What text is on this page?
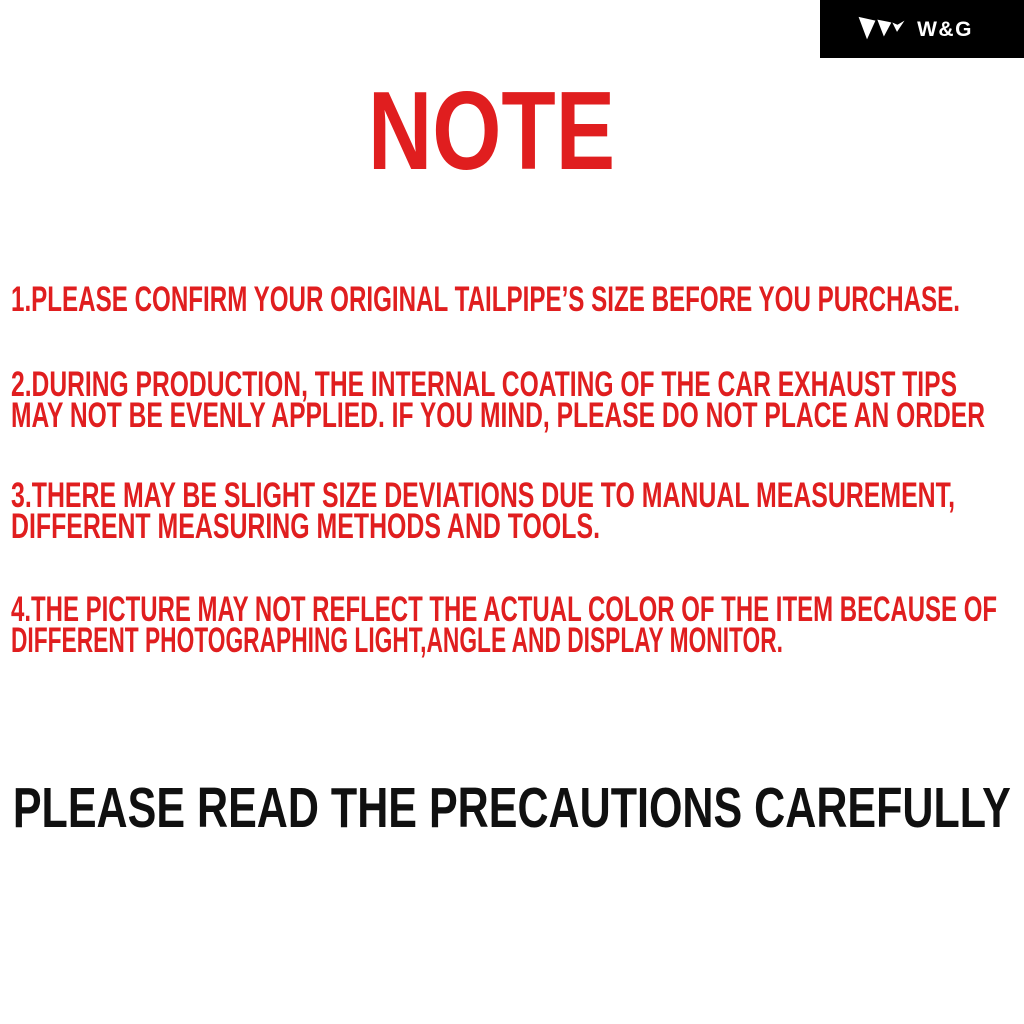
W&G
NOTE
1.PLEASE CONFIRM YOUR ORIGINAL TAILPIPE’S SIZE BEFORE YOU PURCHASE.
2.DURING PRODUCTION, THE INTERNAL COATING OF THE CAR EXHAUST TIPS
MAY NOT BE EVENLY APPLIED. IF YOU MIND, PLEASE DO NOT PLACE AN ORDER
3.THERE MAY BE SLIGHT SIZE DEVIATIONS DUE TO MANUAL MEASUREMENT,
DIFFERENT MEASURING METHODS AND TOOLS.
4.THE PICTURE MAY NOT REFLECT THE ACTUAL COLOR OF THE ITEM BECAUSE OF
DIFFERENT PHOTOGRAPHING LIGHT,ANGLE AND DISPLAY MONITOR.
PLEASE READ THE PRECAUTIONS CAREFULLY
